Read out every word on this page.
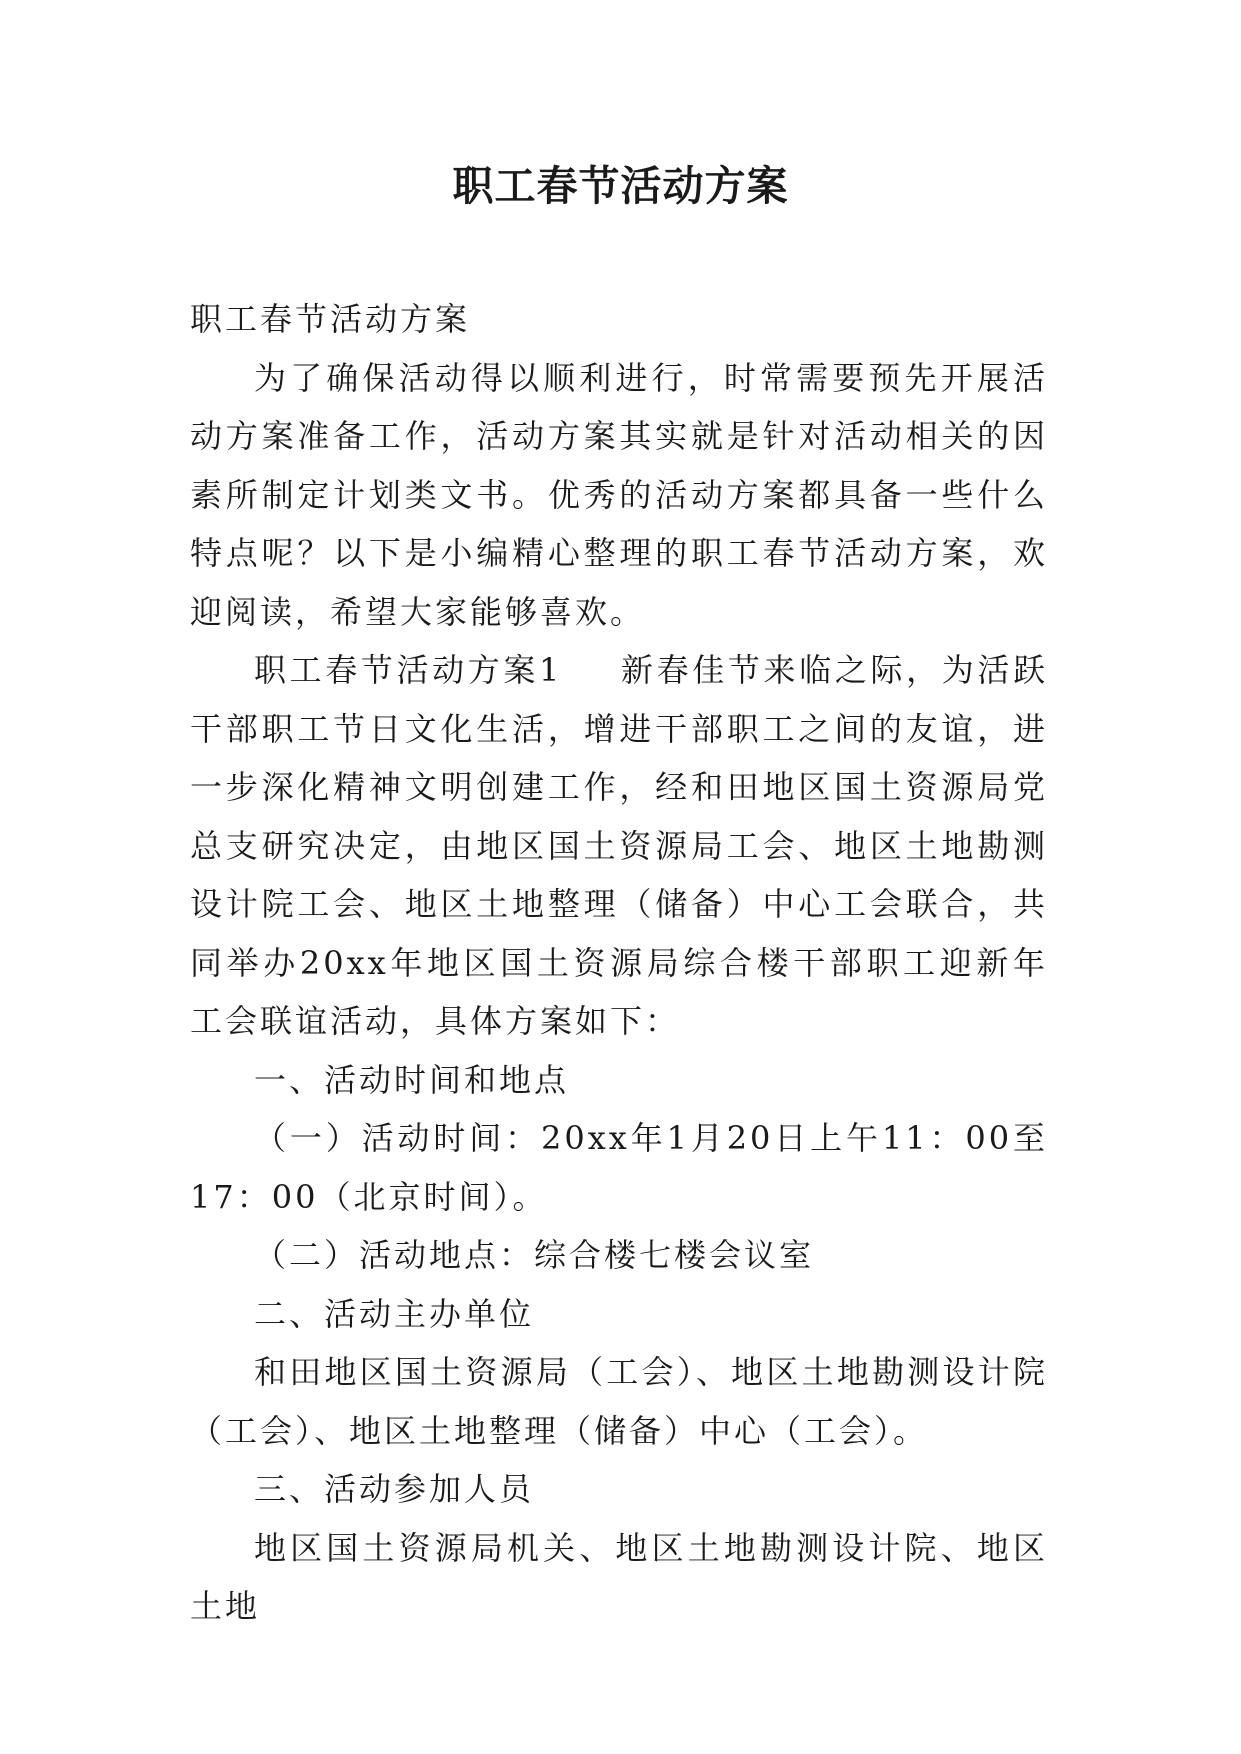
职工春节活动方案

职工春节活动方案

为了确保活动得以顺利进行，时常需要预先开展活动方案准备工作，活动方案其实就是针对活动相关的因素所制定计划类文书。优秀的活动方案都具备一些什么特点呢？以下是小编精心整理的职工春节活动方案，欢迎阅读，希望大家能够喜欢。

职工春节活动方案1 新春佳节来临之际，为活跃干部职工节日文化生活，增进干部职工之间的友谊，进一步深化精神文明创建工作，经和田地区国土资源局党总支研究决定，由地区国土资源局工会、地区土地勘测设计院工会、地区土地整理（储备）中心工会联合，共同举办20xx年地区国土资源局综合楼干部职工迎新年工会联谊活动，具体方案如下：

一、活动时间和地点

（一）活动时间：20xx年1月20日上午11：00至17：00（北京时间）。

（二）活动地点：综合楼七楼会议室

二、活动主办单位

和田地区国土资源局（工会）、地区土地勘测设计院（工会）、地区土地整理（储备）中心（工会）。

三、活动参加人员

地区国土资源局机关、地区土地勘测设计院、地区土地
